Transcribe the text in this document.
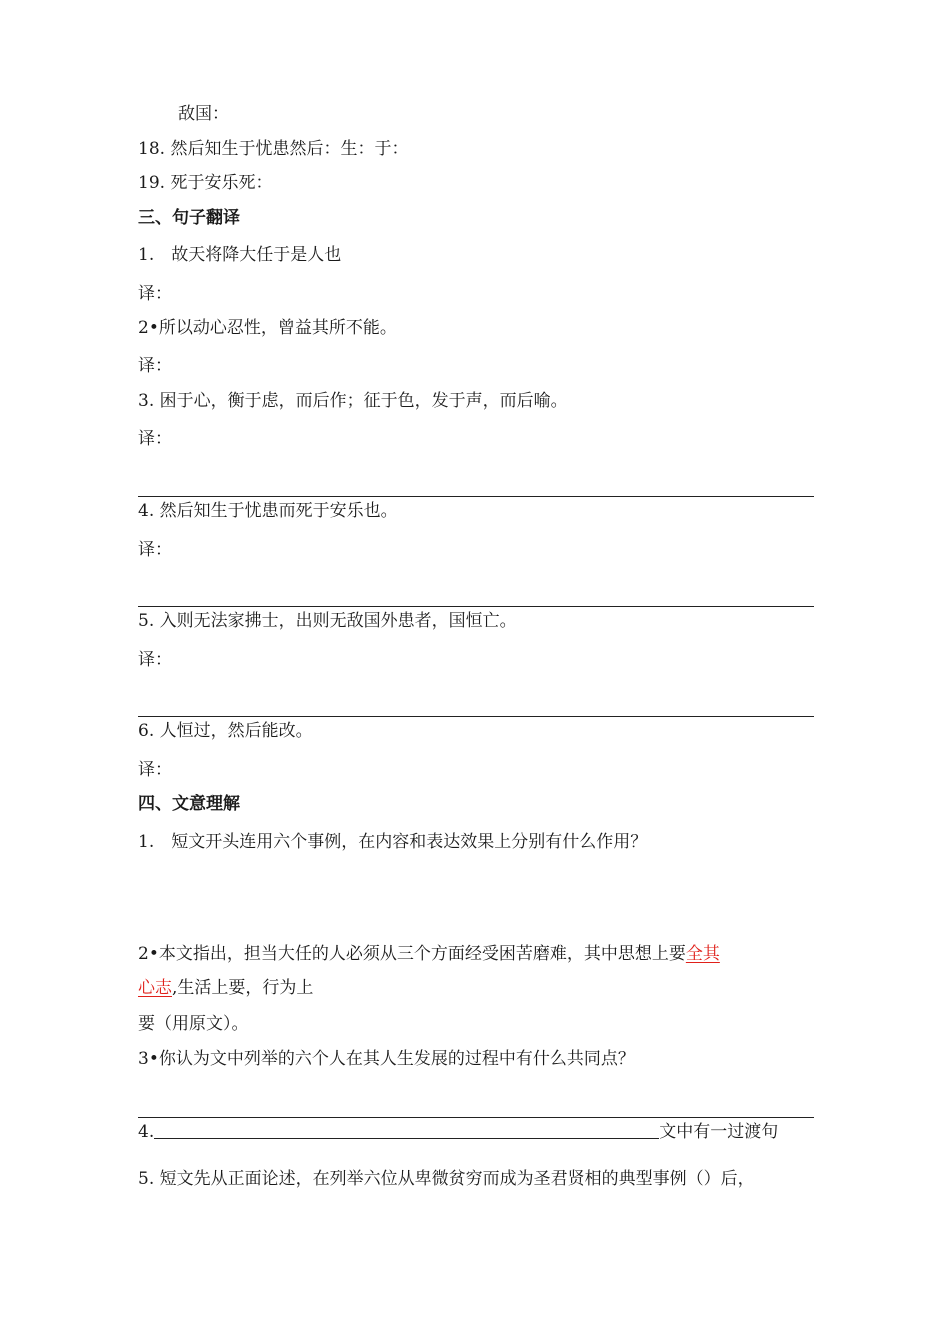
敌国：
18. 然后知生于忧患然后：生：于：
19. 死于安乐死：
三、句子翻译
1.　故天将降大任于是人也
译：
2•所以动心忍性，曾益其所不能。
译：
3. 困于心，衡于虑，而后作；征于色，发于声，而后喻。
译：
4. 然后知生于忧患而死于安乐也。
译：
5. 入则无法家拂士，出则无敌国外患者，国恒亡。
译：
6. 人恒过，然后能改。
译：
四、文意理解
1.　短文开头连用六个事例，在内容和表达效果上分别有什么作用？
2•本文指出，担当大任的人必须从三个方面经受困苦磨难，其中思想上要全其
心志,生活上要，行为上
要（用原文）。
3•你认为文中列举的六个人在其人生发展的过程中有什么共同点？
4.	文中有一过渡句
5. 短文先从正面论述，在列举六位从卑微贫穷而成为圣君贤相的典型事例（）后，
